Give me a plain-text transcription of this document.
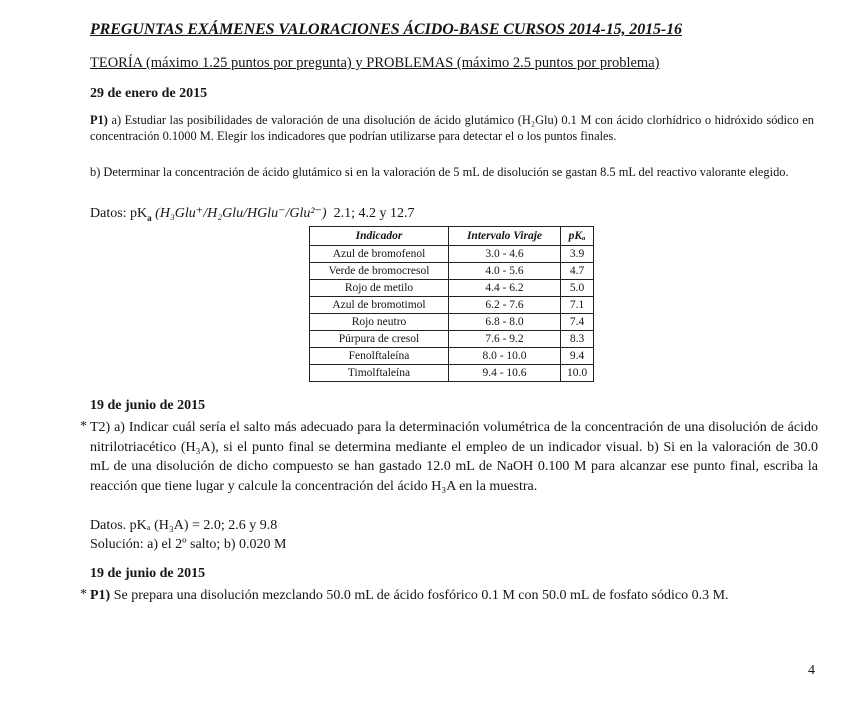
PREGUNTAS EXÁMENES VALORACIONES ÁCIDO-BASE CURSOS 2014-15, 2015-16
TEORÍA (máximo 1.25 puntos por pregunta) y PROBLEMAS (máximo 2.5 puntos por problema)
29 de enero de 2015
P1) a) Estudiar las posibilidades de valoración de una disolución de ácido glutámico (H₂Glu) 0.1 M con ácido clorhídrico o hidróxido sódico en concentración 0.1000 M. Elegir los indicadores que podrían utilizarse para detectar el o los puntos finales.
b) Determinar la concentración de ácido glutámico si en la valoración de 5 mL de disolución se gastan 8.5 mL del reactivo valorante elegido.
Datos: $pK_a$ (H₃Glu⁺/H₂Glu/HGlu⁻/Glu²⁻) 2.1; 4.2 y 12.7
Indicador	Intervalo Viraje	pKₐ
Azul de bromofenol	3.0 - 4.6	3.9
Verde de bromocresol	4.0 - 5.6	4.7
Rojo de metilo	4.4 - 6.2	5.0
Azul de bromotimol	6.2 - 7.6	7.1
Rojo neutro	6.8 - 8.0	7.4
Púrpura de cresol	7.6 - 9.2	8.3
Fenolftaleína	8.0 - 10.0	9.4
Timolftaleína	9.4 - 10.6	10.0
19 de junio de 2015
* T2) a) Indicar cuál sería el salto más adecuado para la determinación volumétrica de la concentración de una disolución de ácido nitrilotriacético (H₃A), si el punto final se determina mediante el empleo de un indicador visual. b) Si en la valoración de 30.0 mL de una disolución de dicho compuesto se han gastado 12.0 mL de NaOH 0.100 M para alcanzar ese punto final, escriba la reacción que tiene lugar y calcule la concentración del ácido H₃A en la muestra.
Datos. pKₐ (H₃A) = 2.0; 2.6 y 9.8
Solución: a) el 2º salto; b) 0.020 M
19 de junio de 2015
* P1) Se prepara una disolución mezclando 50.0 mL de ácido fosfórico 0.1 M con 50.0 mL de fosfato sódico 0.3 M.
4
